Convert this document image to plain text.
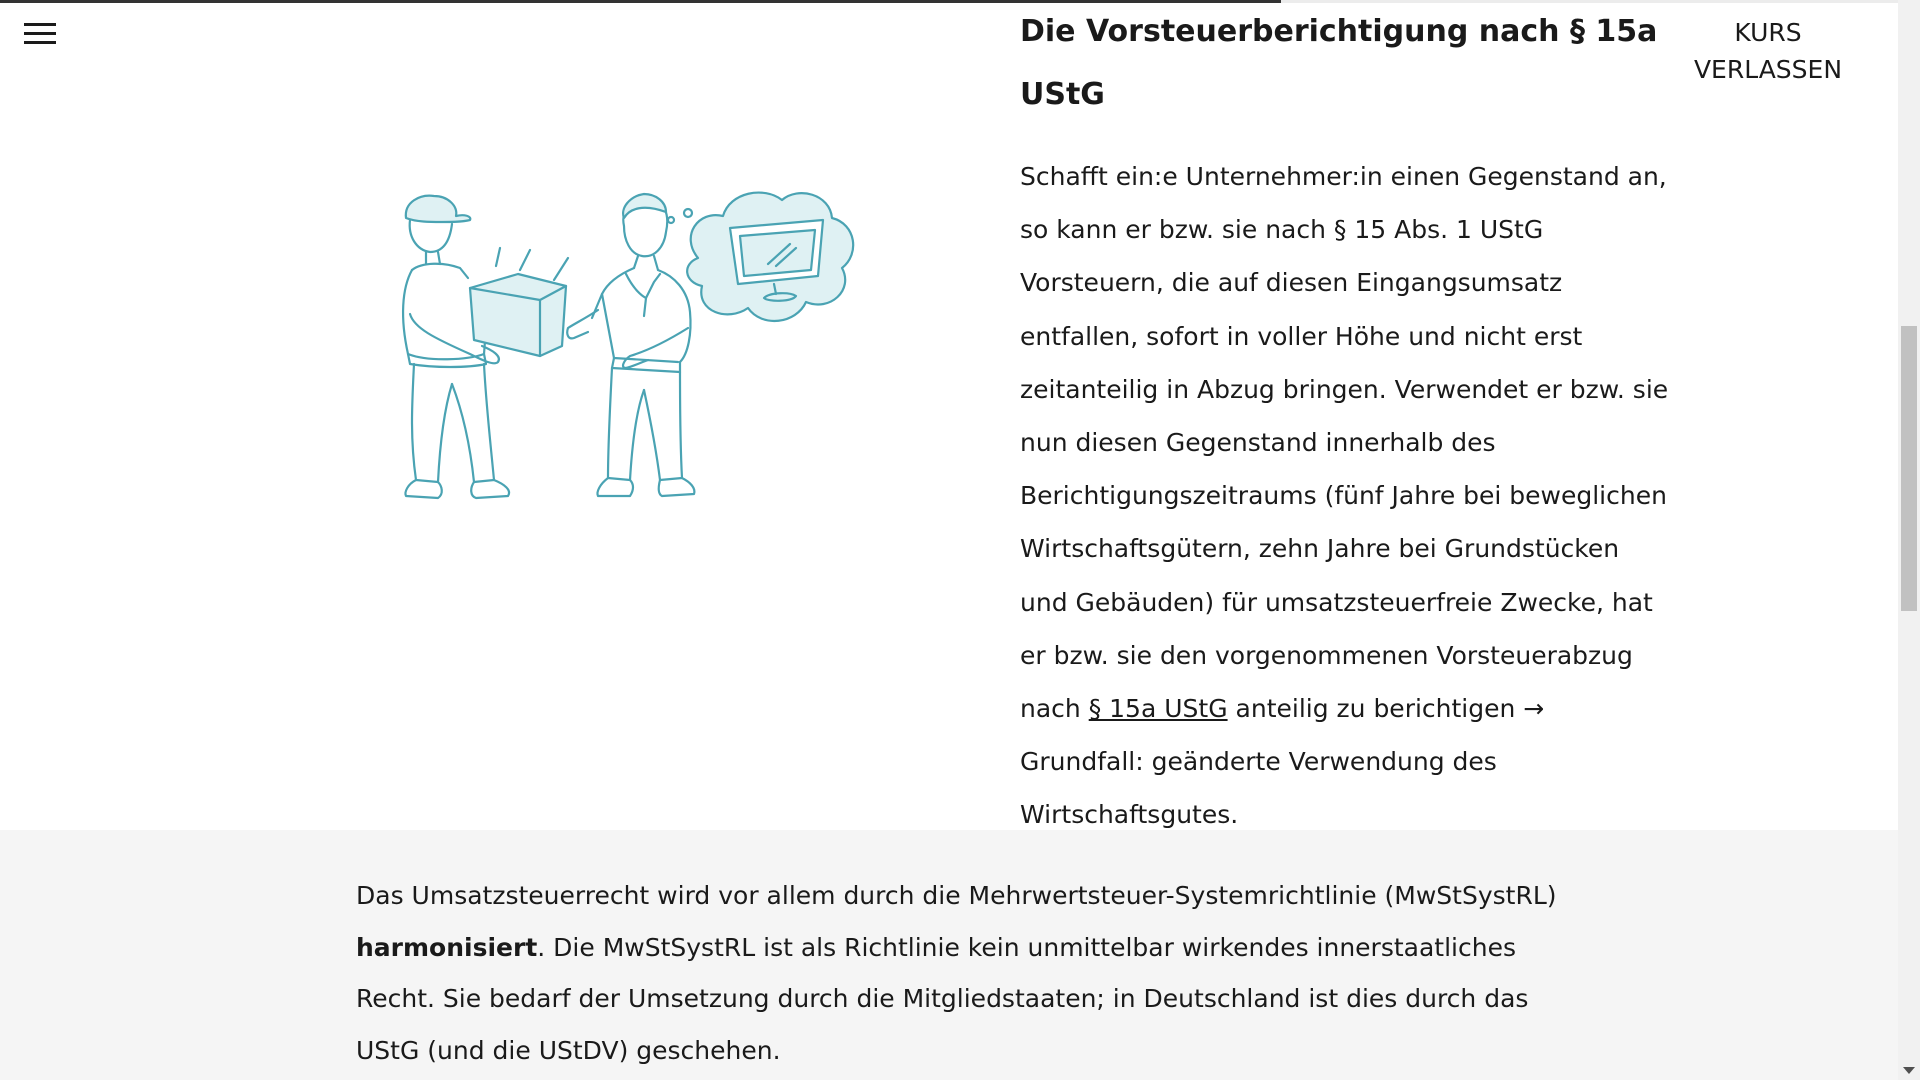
KURS
VERLASSEN
Die Vorsteuerberichtigung nach § 15a UStG

Schafft ein:e Unternehmer:in einen Gegenstand an, so kann er bzw. sie nach § 15 Abs. 1 UStG Vorsteuern, die auf diesen Eingangsumsatz entfallen, sofort in voller Höhe und nicht erst zeitanteilig in Abzug bringen. Verwendet er bzw. sie nun diesen Gegenstand innerhalb des Berichtigungszeitraums (fünf Jahre bei beweglichen Wirtschaftsgütern, zehn Jahre bei Grundstücken und Gebäuden) für umsatzsteuerfreie Zwecke, hat er bzw. sie den vorgenommenen Vorsteuerabzug nach § 15a UStG anteilig zu berichtigen → Grundfall: geänderte Verwendung des Wirtschaftsgutes.

Das Umsatzsteuerrecht wird vor allem durch die Mehrwertsteuer-Systemrichtlinie (MwStSystRL) harmonisiert. Die MwStSystRL ist als Richtlinie kein unmittelbar wirkendes innerstaatliches Recht. Sie bedarf der Umsetzung durch die Mitgliedstaaten; in Deutschland ist dies durch das UStG (und die UStDV) geschehen.
